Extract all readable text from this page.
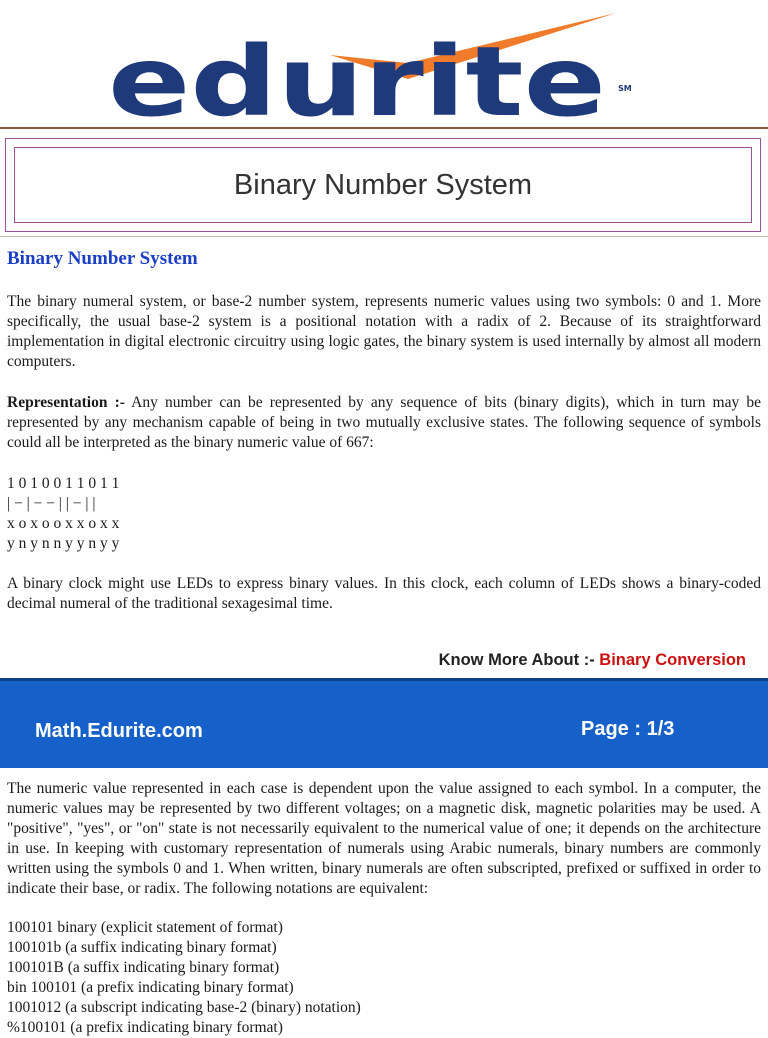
edurite SM
Binary Number System
Binary Number System
The binary numeral system, or base-2 number system, represents numeric values using two symbols: 0 and 1. More specifically, the usual base-2 system is a positional notation with a radix of 2. Because of its straightforward implementation in digital electronic circuitry using logic gates, the binary system is used internally by almost all modern computers.
Representation :- Any number can be represented by any sequence of bits (binary digits), which in turn may be represented by any mechanism capable of being in two mutually exclusive states. The following sequence of symbols could all be interpreted as the binary numeric value of 667:
1 0 1 0 0 1 1 0 1 1
| − | − − | | − | |
x o x o o x x o x x
y n y n n y y n y y
A binary clock might use LEDs to express binary values. In this clock, each column of LEDs shows a binary-coded decimal numeral of the traditional sexagesimal time.
Know More About :- Binary Conversion
Math.Edurite.com	Page : 1/3
The numeric value represented in each case is dependent upon the value assigned to each symbol. In a computer, the numeric values may be represented by two different voltages; on a magnetic disk, magnetic polarities may be used. A "positive", "yes", or "on" state is not necessarily equivalent to the numerical value of one; it depends on the architecture in use. In keeping with customary representation of numerals using Arabic numerals, binary numbers are commonly written using the symbols 0 and 1. When written, binary numerals are often subscripted, prefixed or suffixed in order to indicate their base, or radix. The following notations are equivalent:
100101 binary (explicit statement of format)
100101b (a suffix indicating binary format)
100101B (a suffix indicating binary format)
bin 100101 (a prefix indicating binary format)
1001012 (a subscript indicating base-2 (binary) notation)
%100101 (a prefix indicating binary format)
